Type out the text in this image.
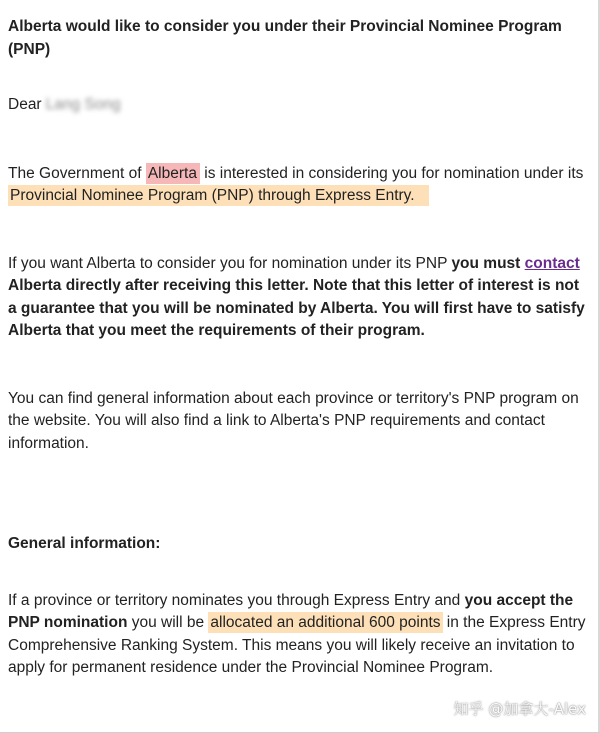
Alberta would like to consider you under their Provincial Nominee Program (PNP)

Dear Lang Song

The Government of Alberta is interested in considering you for nomination under its Provincial Nominee Program (PNP) through Express Entry.

If you want Alberta to consider you for nomination under its PNP you must contact Alberta directly after receiving this letter. Note that this letter of interest is not a guarantee that you will be nominated by Alberta. You will first have to satisfy Alberta that you meet the requirements of their program.

You can find general information about each province or territory's PNP program on the website. You will also find a link to Alberta's PNP requirements and contact information.

General information:

If a province or territory nominates you through Express Entry and you accept the PNP nomination you will be allocated an additional 600 points in the Express Entry Comprehensive Ranking System. This means you will likely receive an invitation to apply for permanent residence under the Provincial Nominee Program.

知乎 @加拿大-Alex
